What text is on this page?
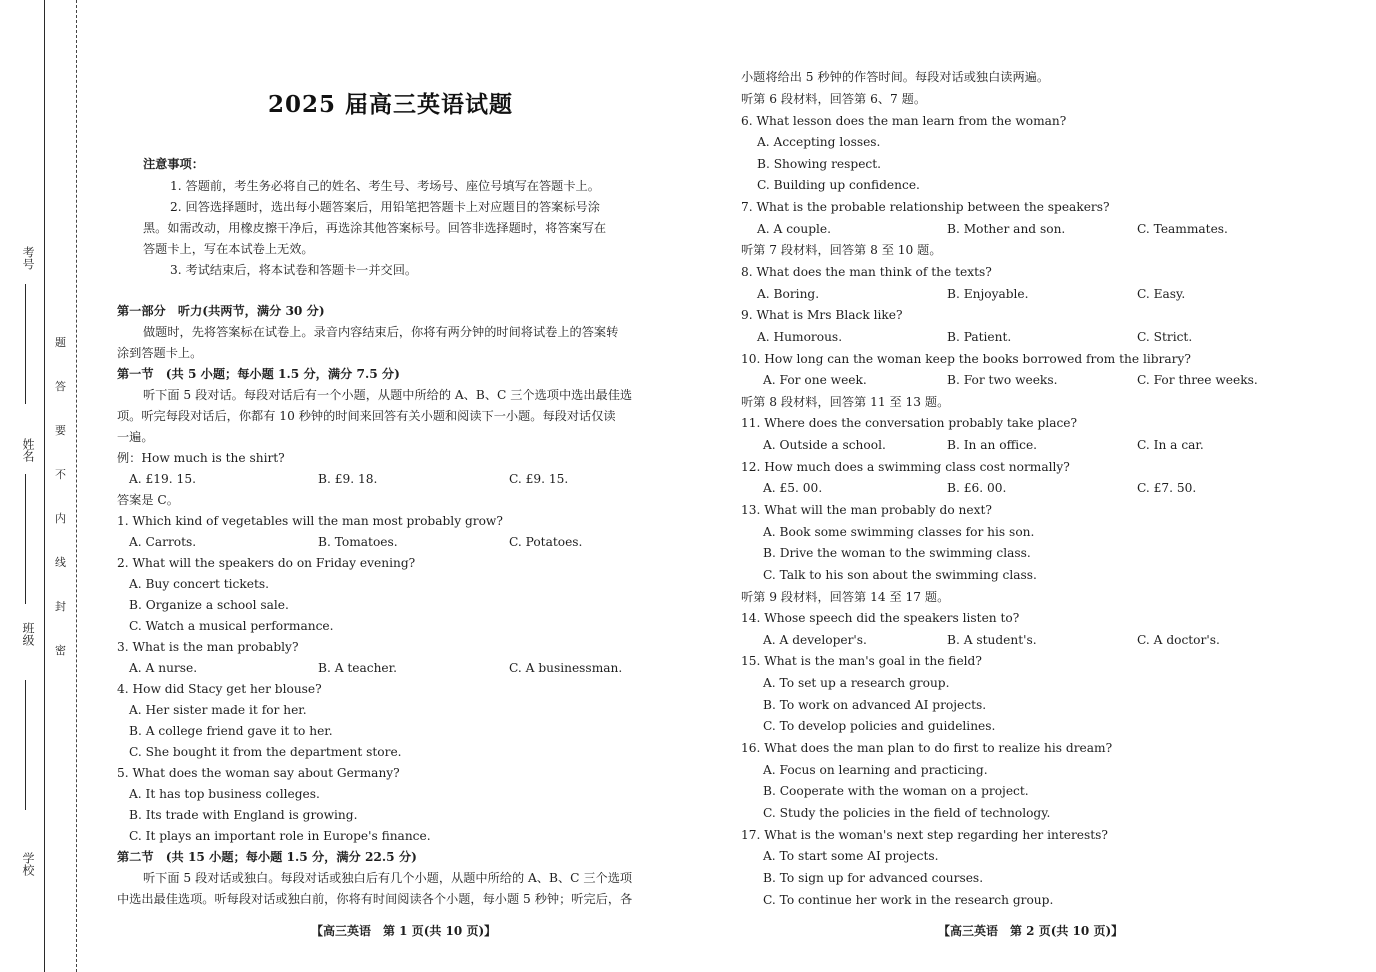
考号
姓名
班级
学校
题
答
要
不
内
线
封
密
2025 届高三英语试题
注意事项：
1. 答题前，考生务必将自己的姓名、考生号、考场号、座位号填写在答题卡上。
2. 回答选择题时，选出每小题答案后，用铅笔把答题卡上对应题目的答案标号涂
黑。如需改动，用橡皮擦干净后，再选涂其他答案标号。回答非选择题时，将答案写在
答题卡上，写在本试卷上无效。
3. 考试结束后，将本试卷和答题卡一并交回。
第一部分　听力(共两节，满分 30 分)
做题时，先将答案标在试卷上。录音内容结束后，你将有两分钟的时间将试卷上的答案转
涂到答题卡上。
第一节　(共 5 小题；每小题 1.5 分，满分 7.5 分)
听下面 5 段对话。每段对话后有一个小题，从题中所给的 A、B、C 三个选项中选出最佳选
项。听完每段对话后，你都有 10 秒钟的时间来回答有关小题和阅读下一小题。每段对话仅读
一遍。
例：How much is the shirt?
A. £19. 15.	B. £9. 18.	C. £9. 15.
答案是 C。
1. Which kind of vegetables will the man most probably grow?
A. Carrots.	B. Tomatoes.	C. Potatoes.
2. What will the speakers do on Friday evening?
A. Buy concert tickets.
B. Organize a school sale.
C. Watch a musical performance.
3. What is the man probably?
A. A nurse.	B. A teacher.	C. A businessman.
4. How did Stacy get her blouse?
A. Her sister made it for her.
B. A college friend gave it to her.
C. She bought it from the department store.
5. What does the woman say about Germany?
A. It has top business colleges.
B. Its trade with England is growing.
C. It plays an important role in Europe's finance.
第二节　(共 15 小题；每小题 1.5 分，满分 22.5 分)
听下面 5 段对话或独白。每段对话或独白后有几个小题，从题中所给的 A、B、C 三个选项
中选出最佳选项。听每段对话或独白前，你将有时间阅读各个小题，每小题 5 秒钟；听完后，各
【高三英语　第 1 页(共 10 页)】
小题将给出 5 秒钟的作答时间。每段对话或独白读两遍。
听第 6 段材料，回答第 6、7 题。
6. What lesson does the man learn from the woman?
A. Accepting losses.
B. Showing respect.
C. Building up confidence.
7. What is the probable relationship between the speakers?
A. A couple.	B. Mother and son.	C. Teammates.
听第 7 段材料，回答第 8 至 10 题。
8. What does the man think of the texts?
A. Boring.	B. Enjoyable.	C. Easy.
9. What is Mrs Black like?
A. Humorous.	B. Patient.	C. Strict.
10. How long can the woman keep the books borrowed from the library?
A. For one week.	B. For two weeks.	C. For three weeks.
听第 8 段材料，回答第 11 至 13 题。
11. Where does the conversation probably take place?
A. Outside a school.	B. In an office.	C. In a car.
12. How much does a swimming class cost normally?
A. £5. 00.	B. £6. 00.	C. £7. 50.
13. What will the man probably do next?
A. Book some swimming classes for his son.
B. Drive the woman to the swimming class.
C. Talk to his son about the swimming class.
听第 9 段材料，回答第 14 至 17 题。
14. Whose speech did the speakers listen to?
A. A developer's.	B. A student's.	C. A doctor's.
15. What is the man's goal in the field?
A. To set up a research group.
B. To work on advanced AI projects.
C. To develop policies and guidelines.
16. What does the man plan to do first to realize his dream?
A. Focus on learning and practicing.
B. Cooperate with the woman on a project.
C. Study the policies in the field of technology.
17. What is the woman's next step regarding her interests?
A. To start some AI projects.
B. To sign up for advanced courses.
C. To continue her work in the research group.
【高三英语　第 2 页(共 10 页)】
